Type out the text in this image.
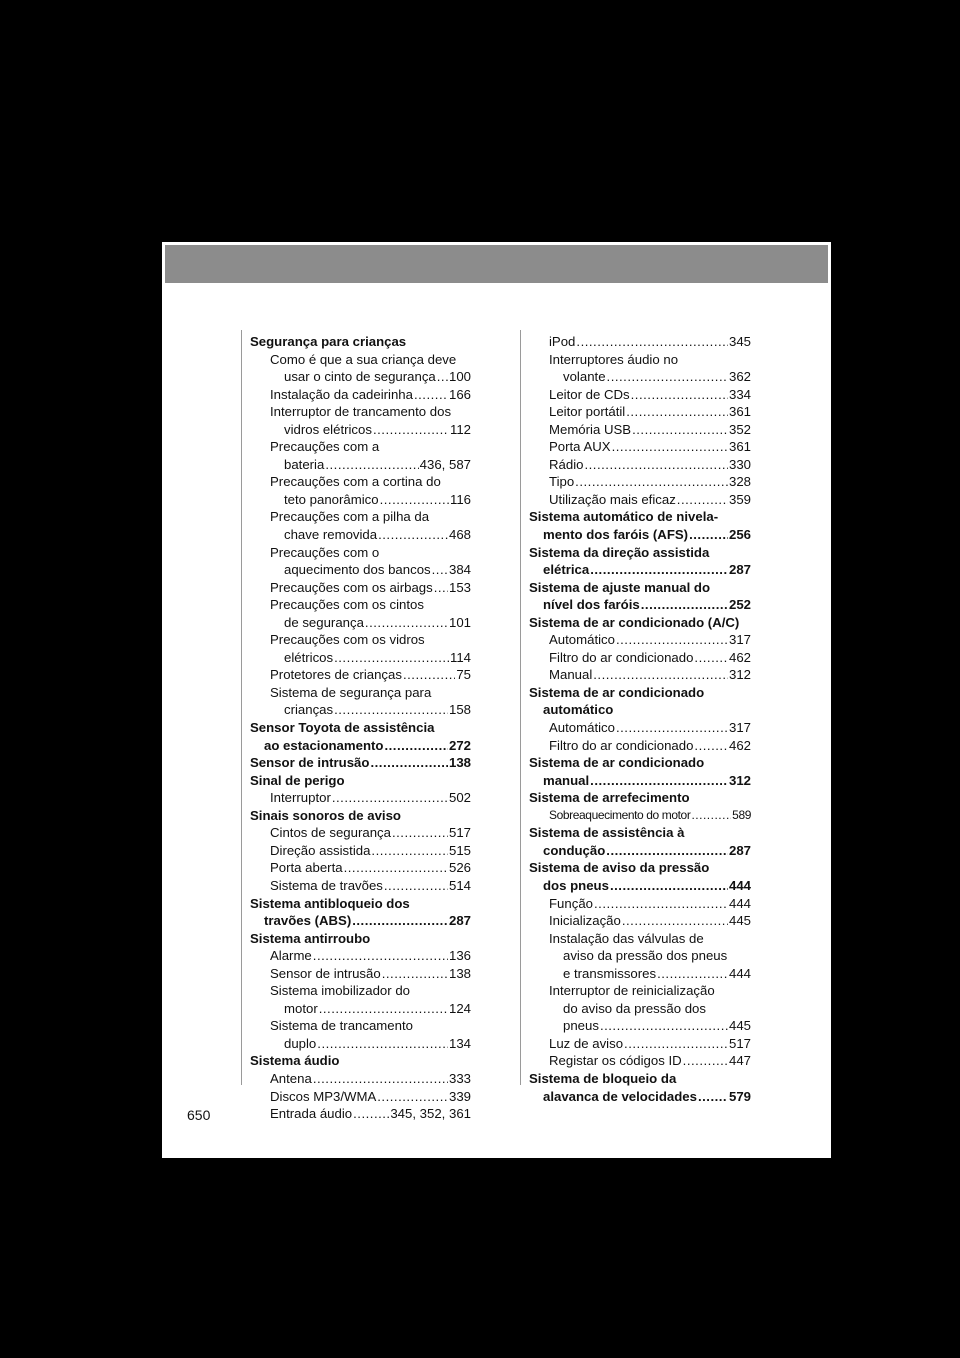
Segurança para crianças
Como é que a sua criança deve
usar o cinto de segurança ..... 100
Instalação da cadeirinha .....	166
Interruptor de trancamento dos
vidros elétricos .....	112
Precauções com a
bateria .....	436, 587
Precauções com a cortina do
teto panorâmico .....	116
Precauções com a pilha da
chave removida .....	468
Precauções com o
aquecimento dos bancos ..... 384
Precauções com os airbags ..... 153
Precauções com os cintos
de segurança .....	101
Precauções com os vidros
elétricos .....	114
Protetores de crianças .....	75
Sistema de segurança para
crianças .....	158
Sensor Toyota de assistência
ao estacionamento .....	272
Sensor de intrusão .....	138
Sinal de perigo
Interruptor .....	502
Sinais sonoros de aviso
Cintos de segurança .....	517
Direção assistida .....	515
Porta aberta .....	526
Sistema de travões .....	514
Sistema antibloqueio dos
travões (ABS) .....	287
Sistema antirroubo
Alarme .....	136
Sensor de intrusão .....	138
Sistema imobilizador do
motor .....	124
Sistema de trancamento
duplo .....	134
Sistema áudio
Antena .....	333
Discos MP3/WMA .....	339
Entrada áudio .....	345, 352, 361
iPod .....	345
Interruptores áudio no
volante .....	362
Leitor de CDs .....	334
Leitor portátil .....	361
Memória USB .....	352
Porta AUX .....	361
Rádio .....	330
Tipo .....	328
Utilização mais eficaz .....	359
Sistema automático de nivela-
mento dos faróis (AFS) .....	256
Sistema da direção assistida
elétrica .....	287
Sistema de ajuste manual do
nível dos faróis .....	252
Sistema de ar condicionado (A/C)
Automático .....	317
Filtro do ar condicionado .....	462
Manual .....	312
Sistema de ar condicionado
automático
Automático .....	317
Filtro do ar condicionado .....	462
Sistema de ar condicionado
manual .....	312
Sistema de arrefecimento
Sobreaquecimento do motor .....	589
Sistema de assistência à
condução .....	287
Sistema de aviso da pressão
dos pneus .....	444
Função .....	444
Inicialização .....	445
Instalação das válvulas de
aviso da pressão dos pneus
e transmissores .....	444
Interruptor de reinicialização
do aviso da pressão dos
pneus .....	445
Luz de aviso .....	517
Registar os códigos ID .....	447
Sistema de bloqueio da
alavanca de velocidades ..... 579
650
